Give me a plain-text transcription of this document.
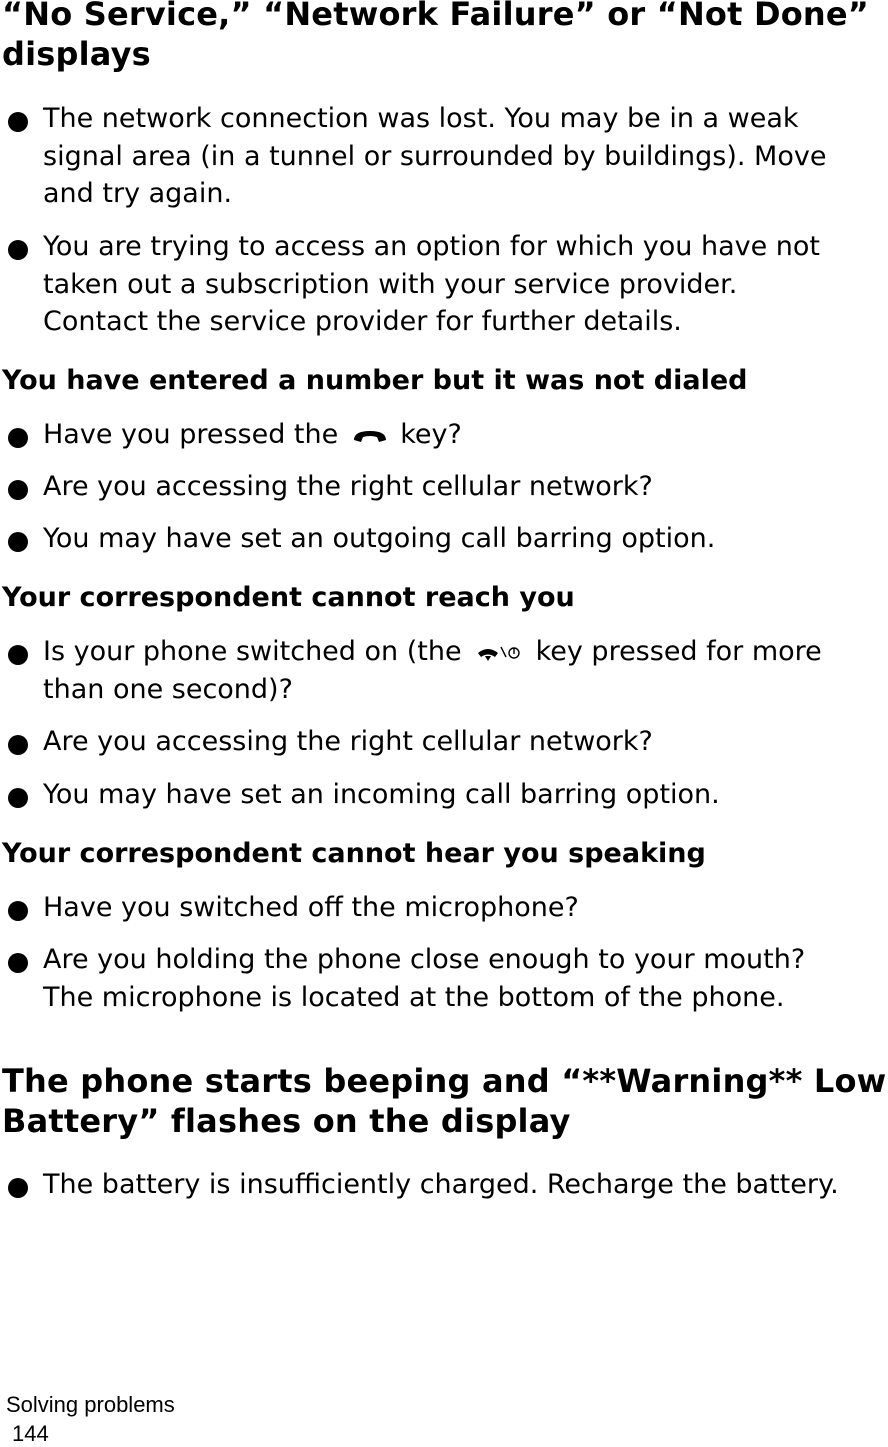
“No Service,” “Network Failure” or “Not Done”
displays
The network connection was lost. You may be in a weak
signal area (in a tunnel or surrounded by buildings). Move
and try again.
You are trying to access an option for which you have not
taken out a subscription with your service provider.
Contact the service provider for further details.
You have entered a number but it was not dialed
Have you pressed the key?
Are you accessing the right cellular network?
You may have set an outgoing call barring option.
Your correspondent cannot reach you
Is your phone switched on (the	key pressed for more
than one second)?
Are you accessing the right cellular network?
You may have set an incoming call barring option.
Your correspondent cannot hear you speaking
Have you switched off the microphone?
Are you holding the phone close enough to your mouth?
The microphone is located at the bottom of the phone.
The phone starts beeping and “**Warning** Low
Battery” flashes on the display
The battery is insufficiently charged. Recharge the battery.
Solving problems
144
